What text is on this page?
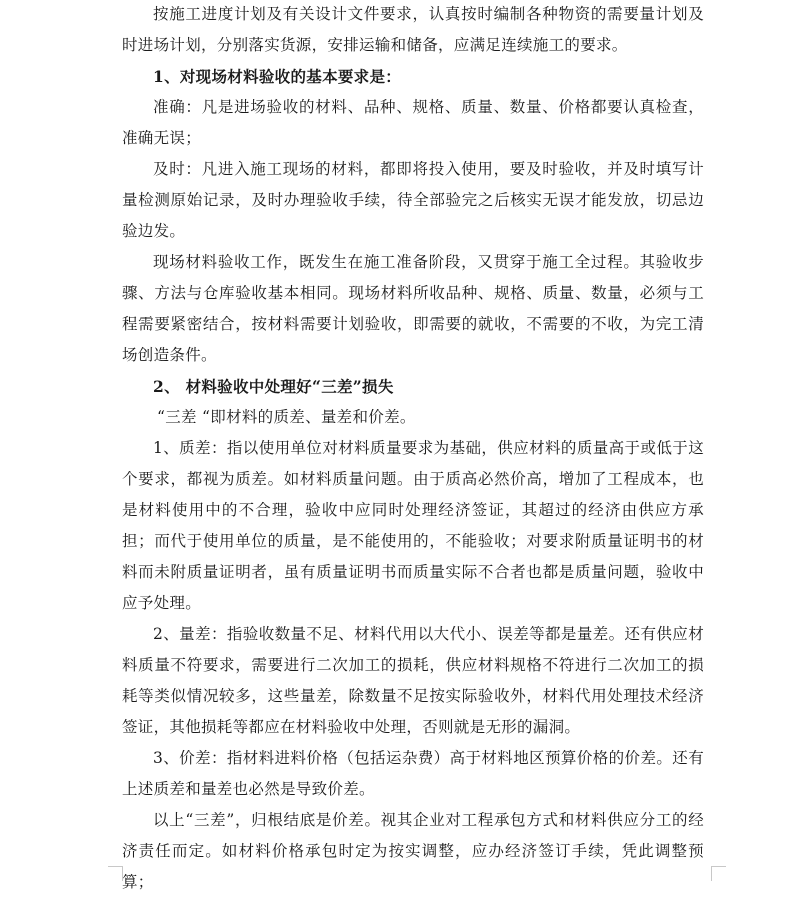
按施工进度计划及有关设计文件要求，认真按时编制各种物资的需要量计划及时进场计划，分别落实货源，安排运输和储备，应满足连续施工的要求。

1、对现场材料验收的基本要求是：

准确：凡是进场验收的材料、品种、规格、质量、数量、价格都要认真检查，准确无误；

及时：凡进入施工现场的材料，都即将投入使用，要及时验收，并及时填写计量检测原始记录，及时办理验收手续，待全部验完之后核实无误才能发放，切忌边验边发。

现场材料验收工作，既发生在施工准备阶段，又贯穿于施工全过程。其验收步骤、方法与仓库验收基本相同。现场材料所收品种、规格、质量、数量，必须与工程需要紧密结合，按材料需要计划验收，即需要的就收，不需要的不收，为完工清场创造条件。

2、 材料验收中处理好“三差”损失

“三差 “即材料的质差、量差和价差。

1、质差：指以使用单位对材料质量要求为基础，供应材料的质量高于或低于这个要求，都视为质差。如材料质量问题。由于质高必然价高，增加了工程成本，也是材料使用中的不合理，验收中应同时处理经济签证，其超过的经济由供应方承担；而代于使用单位的质量，是不能使用的，不能验收；对要求附质量证明书的材料而未附质量证明者，虽有质量证明书而质量实际不合者也都是质量问题，验收中应予处理。

2、量差：指验收数量不足、材料代用以大代小、误差等都是量差。还有供应材料质量不符要求，需要进行二次加工的损耗，供应材料规格不符进行二次加工的损耗等类似情况较多，这些量差，除数量不足按实际验收外，材料代用处理技术经济签证，其他损耗等都应在材料验收中处理，否则就是无形的漏洞。

3、价差：指材料进料价格（包括运杂费）高于材料地区预算价格的价差。还有上述质差和量差也必然是导致价差。

以上“三差”，归根结底是价差。视其企业对工程承包方式和材料供应分工的经济责任而定。如材料价格承包时定为按实调整，应办经济签订手续，凭此调整预算；
